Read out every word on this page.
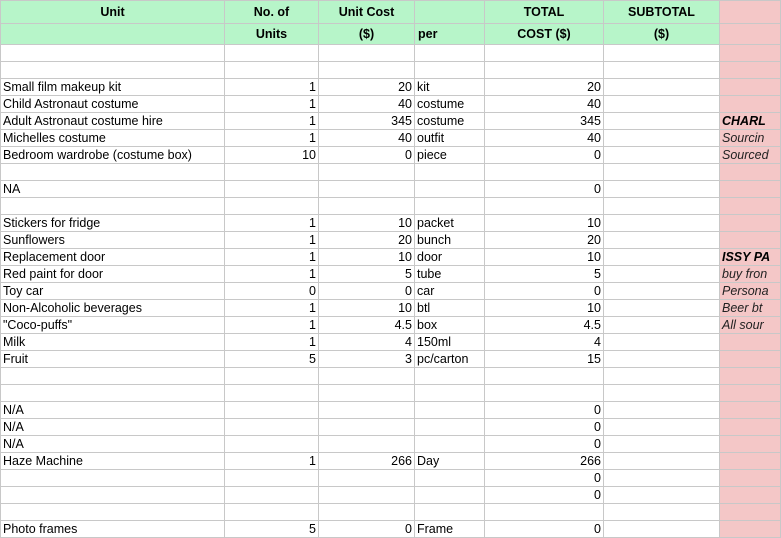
Unit	No. of	Unit Cost		TOTAL	SUBTOTAL	
	Units	($)	per	COST ($)	($)	

Small film makeup kit	1	20	kit	20		
Child Astronaut costume	1	40	costume	40		
Adult Astronaut costume hire	1	345	costume	345		CHARL
Michelles costume	1	40	outfit	40		Sourcin
Bedroom wardrobe (costume box)	10	0	piece	0		Sourced

NA				0		

Stickers for fridge	1	10	packet	10		
Sunflowers	1	20	bunch	20		
Replacement door	1	10	door	10		ISSY PA
Red paint for door	1	5	tube	5		buy fron
Toy car	0	0	car	0		Persona
Non-Alcoholic beverages	1	10	btl	10		Beer bt
"Coco-puffs"	1	4.5	box	4.5		All sour
Milk	1	4	150ml	4		
Fruit	5	3	pc/carton	15		

N/A				0		
N/A				0		
N/A				0		
Haze Machine	1	266	Day	266		
				0		
				0		

Photo frames	5	0	Frame	0		
